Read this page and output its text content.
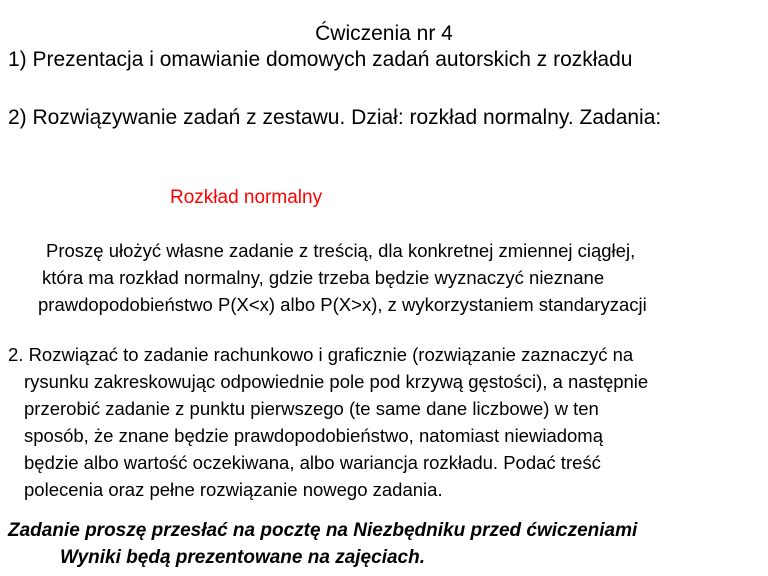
Ćwiczenia nr 4
1) Prezentacja i omawianie domowych zadań autorskich z rozkładu
2) Rozwiązywanie zadań z zestawu. Dział: rozkład normalny. Zadania:
Rozkład normalny
Proszę ułożyć własne zadanie z treścią, dla konkretnej zmiennej ciągłej,
która ma rozkład normalny, gdzie trzeba będzie wyznaczyć nieznane
prawdopodobieństwo P(X<x) albo P(X>x), z wykorzystaniem standaryzacji
2. Rozwiązać to zadanie rachunkowo i graficznie (rozwiązanie zaznaczyć na
rysunku zakreskowując odpowiednie pole pod krzywą gęstości), a następnie
przerobić zadanie z punktu pierwszego (te same dane liczbowe) w ten
sposób, że znane będzie prawdopodobieństwo, natomiast niewiadomą
będzie albo wartość oczekiwana, albo wariancja rozkładu. Podać treść
polecenia oraz pełne rozwiązanie nowego zadania.
Zadanie proszę przesłać na pocztę na Niezbędniku przed ćwiczeniami
Wyniki będą prezentowane na zajęciach.
